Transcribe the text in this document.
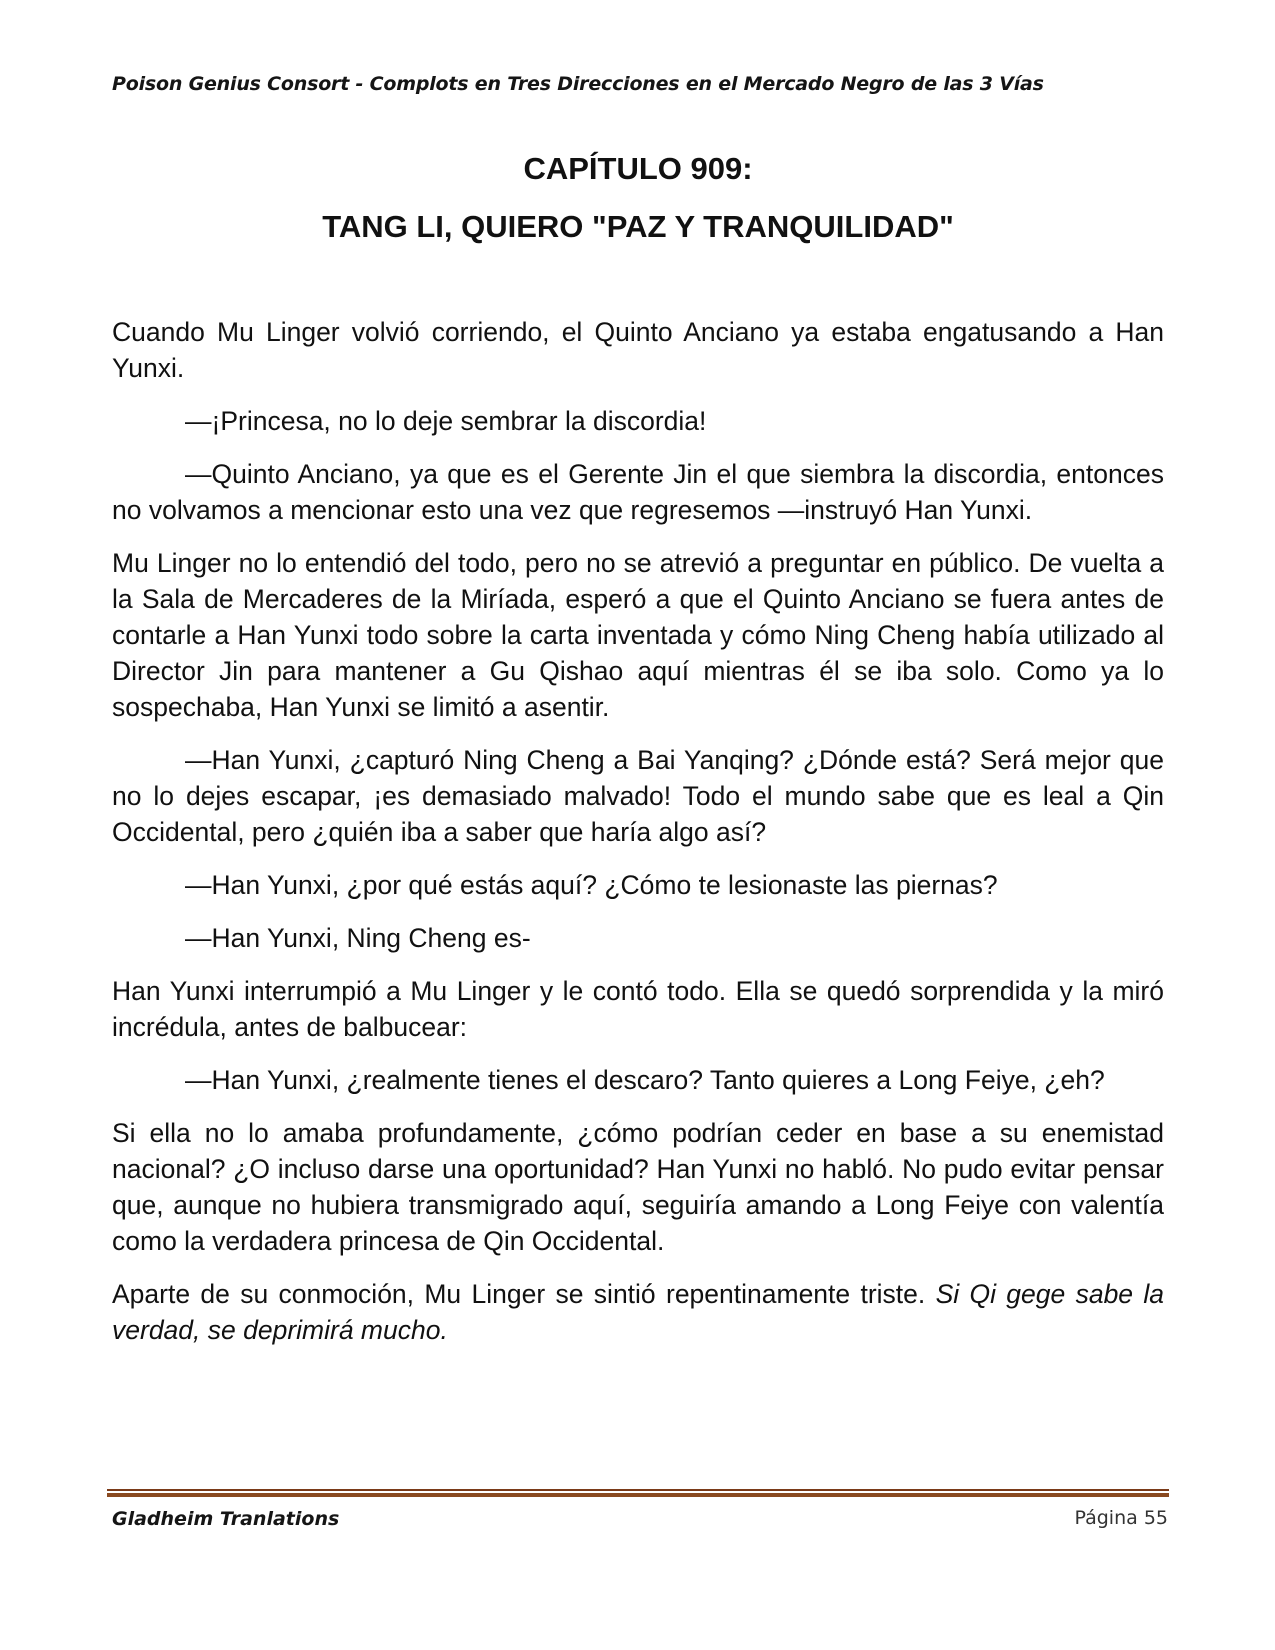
Poison Genius Consort - Complots en Tres Direcciones en el Mercado Negro de las 3 Vías
CAPÍTULO 909:
TANG LI, QUIERO "PAZ Y TRANQUILIDAD"

Cuando Mu Linger volvió corriendo, el Quinto Anciano ya estaba engatusando a Han Yunxi.

—¡Princesa, no lo deje sembrar la discordia!

—Quinto Anciano, ya que es el Gerente Jin el que siembra la discordia, entonces no volvamos a mencionar esto una vez que regresemos —instruyó Han Yunxi.

Mu Linger no lo entendió del todo, pero no se atrevió a preguntar en público. De vuelta a la Sala de Mercaderes de la Miríada, esperó a que el Quinto Anciano se fuera antes de contarle a Han Yunxi todo sobre la carta inventada y cómo Ning Cheng había utilizado al Director Jin para mantener a Gu Qishao aquí mientras él se iba solo. Como ya lo sospechaba, Han Yunxi se limitó a asentir.

—Han Yunxi, ¿capturó Ning Cheng a Bai Yanqing? ¿Dónde está? Será mejor que no lo dejes escapar, ¡es demasiado malvado! Todo el mundo sabe que es leal a Qin Occidental, pero ¿quién iba a saber que haría algo así?

—Han Yunxi, ¿por qué estás aquí? ¿Cómo te lesionaste las piernas?

—Han Yunxi, Ning Cheng es-

Han Yunxi interrumpió a Mu Linger y le contó todo. Ella se quedó sorprendida y la miró incrédula, antes de balbucear:

—Han Yunxi, ¿realmente tienes el descaro? Tanto quieres a Long Feiye, ¿eh?

Si ella no lo amaba profundamente, ¿cómo podrían ceder en base a su enemistad nacional? ¿O incluso darse una oportunidad? Han Yunxi no habló. No pudo evitar pensar que, aunque no hubiera transmigrado aquí, seguiría amando a Long Feiye con valentía como la verdadera princesa de Qin Occidental.

Aparte de su conmoción, Mu Linger se sintió repentinamente triste. Si Qi gege sabe la verdad, se deprimirá mucho.

Gladheim Tranlations	Página 55
